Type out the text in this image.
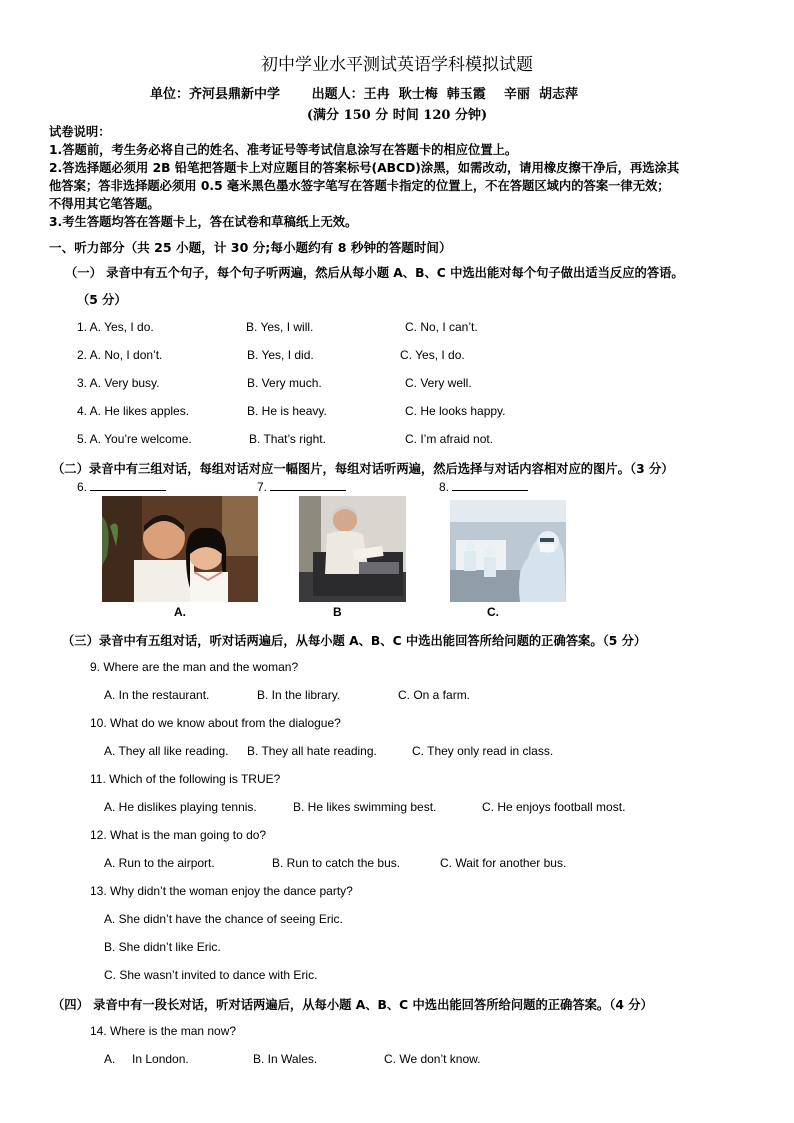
初中学业水平测试英语学科模拟试题
单位：齐河县鼎新中学       出题人：王冉  耿士梅  韩玉霞    辛丽  胡志萍
(满分 150 分 时间 120 分钟)
试卷说明：
1.答题前，考生务必将自己的姓名、准考证号等考试信息涂写在答题卡的相应位置上。
2.答选择题必须用 2B 铅笔把答题卡上对应题目的答案标号(ABCD)涂黑，如需改动，请用橡皮擦干净后，再选涂其
他答案；答非选择题必须用 0.5 毫米黑色墨水签字笔写在答题卡指定的位置上，不在答题区域内的答案一律无效；
不得用其它笔答题。
3.考生答题均答在答题卡上，答在试卷和草稿纸上无效。
一、听力部分（共 25 小题，计 30 分;每小题约有 8 秒钟的答题时间）
（一） 录音中有五个句子，每个句子听两遍，然后从每小题 A、B、C 中选出能对每个句子做出适当反应的答语。
（5 分）
1. A. Yes, I do.	B. Yes, I will.	C. No, I can’t.
2. A. No, I don’t.	B. Yes, I did.	C. Yes, I do.
3. A. Very busy.	B. Very much.	C. Very well.
4. A. He likes apples.	B. He is heavy.	C. He looks happy.
5. A. You’re welcome.	B. That’s right.	C. I’m afraid not.
（二）录音中有三组对话，每组对话对应一幅图片，每组对话听两遍，然后选择与对话内容相对应的图片。（3 分）
6.	7.	8.
A.	B	C.
（三）录音中有五组对话，听对话两遍后，从每小题 A、B、C 中选出能回答所给问题的正确答案。（5 分）
9. Where are the man and the woman?
A. In the restaurant.	B. In the library.	C. On a farm.
10. What do we know about from the dialogue?
A. They all like reading. B. They all hate reading.	C. They only read in class.
11. Which of the following is TRUE?
A. He dislikes playing tennis.	B. He likes swimming best.	C. He enjoys football most.
12. What is the man going to do?
A. Run to the airport.	B. Run to catch the bus.	C. Wait for another bus.
13. Why didn’t the woman enjoy the dance party?
A. She didn’t have the chance of seeing Eric.
B. She didn’t like Eric.
C. She wasn’t invited to dance with Eric.
（四） 录音中有一段长对话，听对话两遍后，从每小题 A、B、C 中选出能回答所给问题的正确答案。（4 分）
14. Where is the man now?
A.     In London.	B. In Wales.	C. We don’t know.
